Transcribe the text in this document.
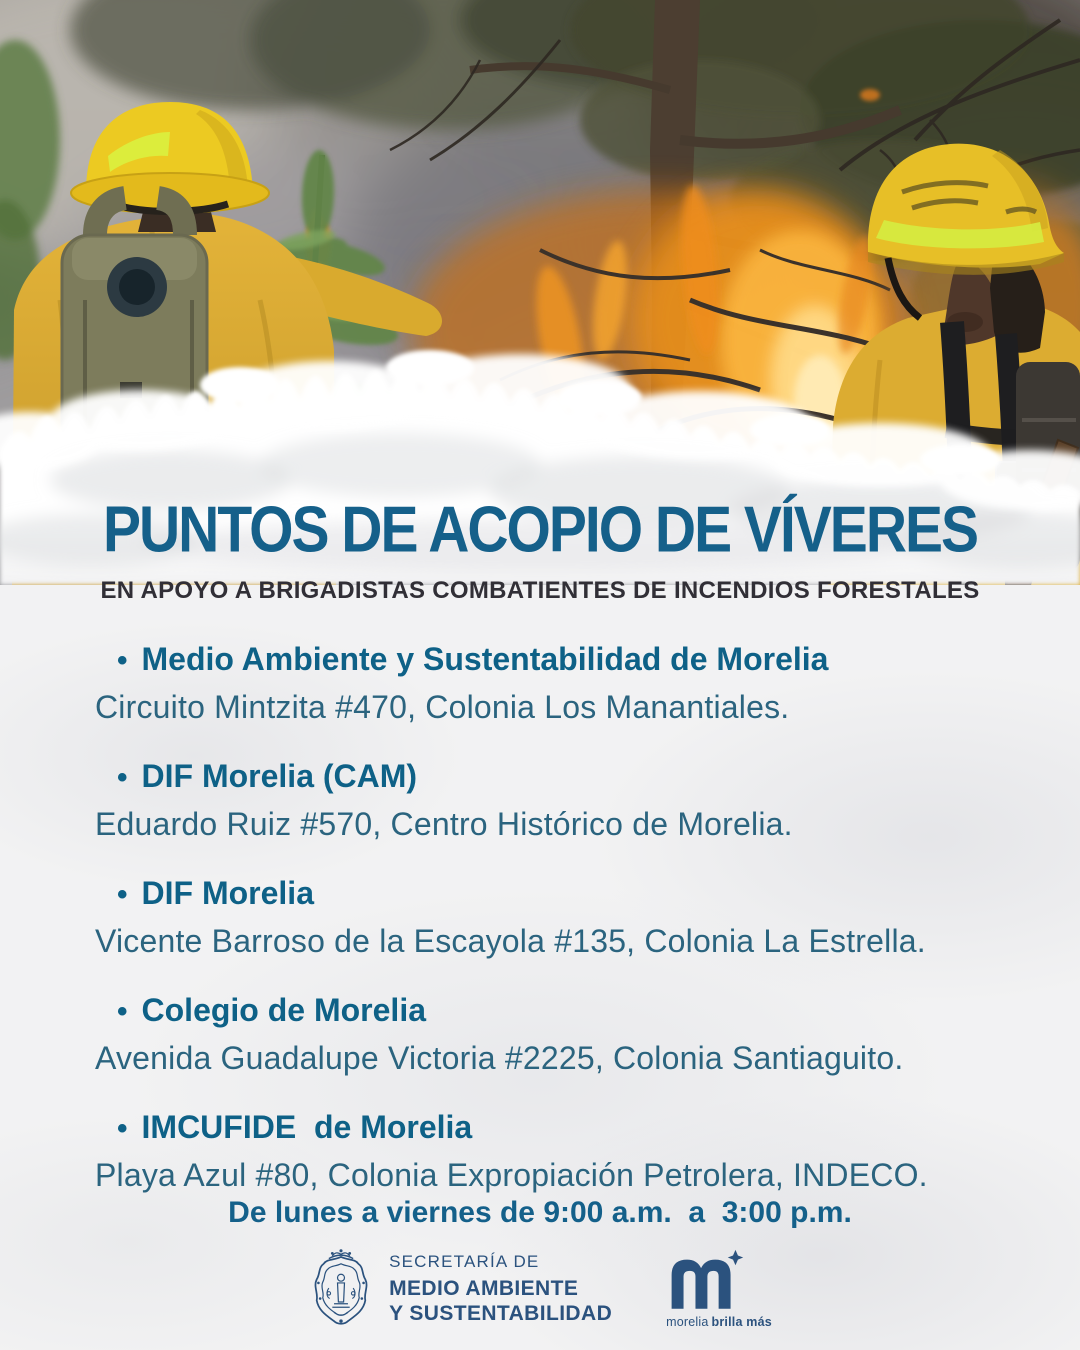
PUNTOS DE ACOPIO DE VÍVERES
EN APOYO A BRIGADISTAS COMBATIENTES DE INCENDIOS FORESTALES
• Medio Ambiente y Sustentabilidad de Morelia
Circuito Mintzita #470, Colonia Los Manantiales.
• DIF Morelia (CAM)
Eduardo Ruiz #570, Centro Histórico de Morelia.
• DIF Morelia
Vicente Barroso de la Escayola #135, Colonia La Estrella.
• Colegio de Morelia
Avenida Guadalupe Victoria #2225, Colonia Santiaguito.
• IMCUFIDE  de Morelia
Playa Azul #80, Colonia Expropiación Petrolera, INDECO.
De lunes a viernes de 9:00 a.m.  a  3:00 p.m.
SECRETARÍA DE
MEDIO AMBIENTE
Y SUSTENTABILIDAD	morelia brilla más
